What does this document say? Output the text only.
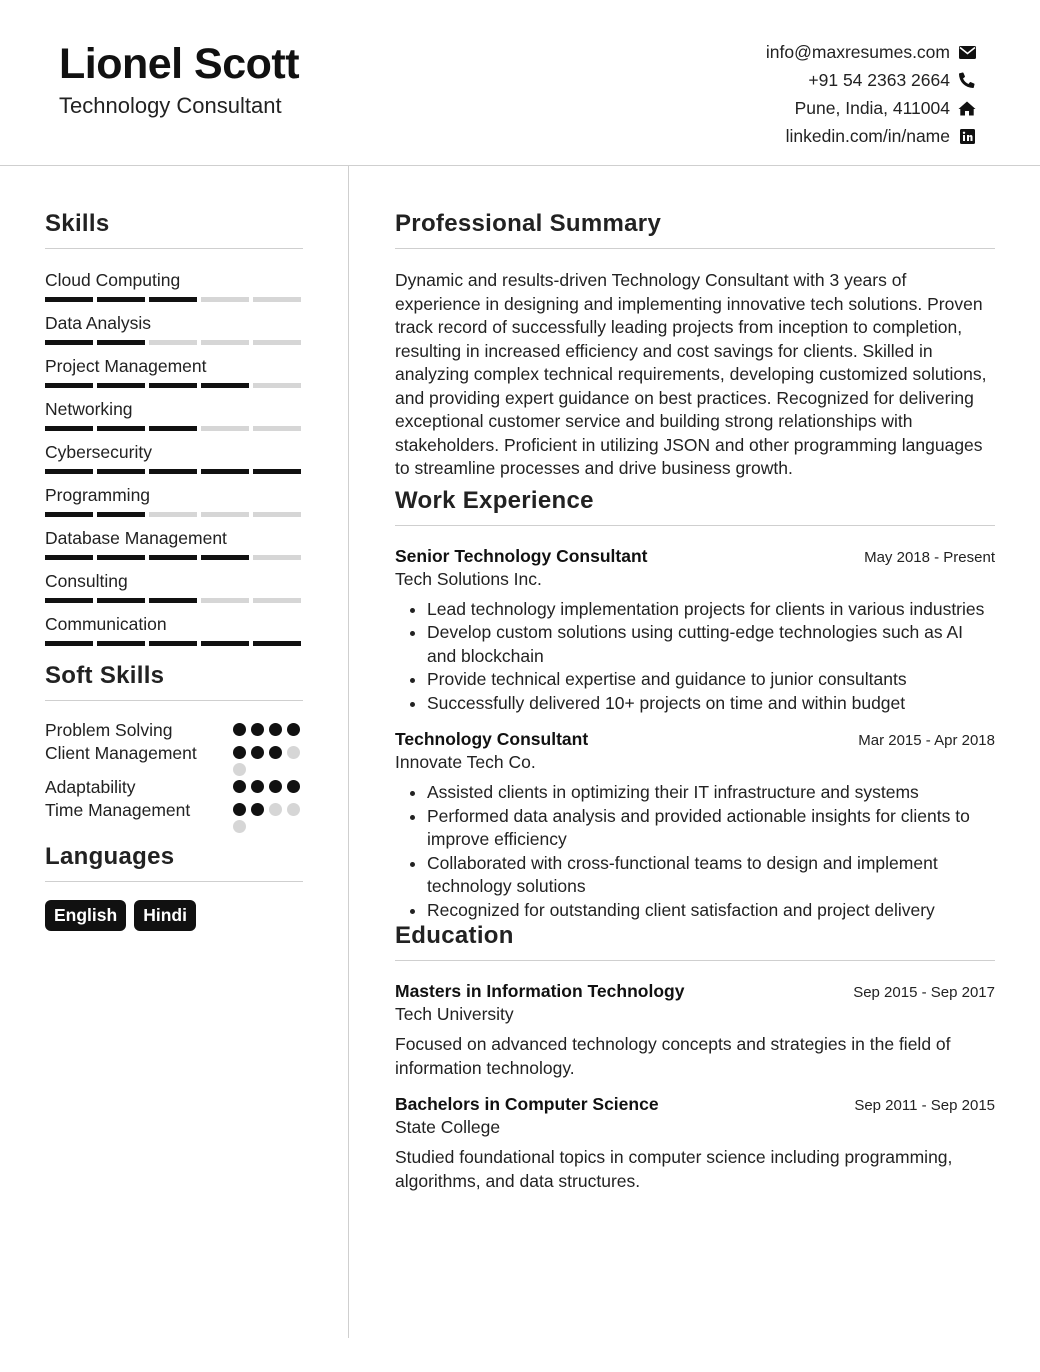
Lionel Scott
Technology Consultant
info@maxresumes.com
+91 54 2363 2664
Pune, India, 411004
linkedin.com/in/name
Skills
Cloud Computing
Data Analysis
Project Management
Networking
Cybersecurity
Programming
Database Management
Consulting
Communication
Soft Skills
Problem Solving
Client Management
Adaptability
Time Management
Languages
English	Hindi
Professional Summary
Dynamic and results-driven Technology Consultant with 3 years of experience in designing and implementing innovative tech solutions. Proven track record of successfully leading projects from inception to completion, resulting in increased efficiency and cost savings for clients. Skilled in analyzing complex technical requirements, developing customized solutions, and providing expert guidance on best practices. Recognized for delivering exceptional customer service and building strong relationships with stakeholders. Proficient in utilizing JSON and other programming languages to streamline processes and drive business growth.
Work Experience
Senior Technology Consultant	May 2018 - Present
Tech Solutions Inc.
• Lead technology implementation projects for clients in various industries
• Develop custom solutions using cutting-edge technologies such as AI and blockchain
• Provide technical expertise and guidance to junior consultants
• Successfully delivered 10+ projects on time and within budget
Technology Consultant	Mar 2015 - Apr 2018
Innovate Tech Co.
• Assisted clients in optimizing their IT infrastructure and systems
• Performed data analysis and provided actionable insights for clients to improve efficiency
• Collaborated with cross-functional teams to design and implement technology solutions
• Recognized for outstanding client satisfaction and project delivery
Education
Masters in Information Technology	Sep 2015 - Sep 2017
Tech University
Focused on advanced technology concepts and strategies in the field of information technology.
Bachelors in Computer Science	Sep 2011 - Sep 2015
State College
Studied foundational topics in computer science including programming, algorithms, and data structures.
